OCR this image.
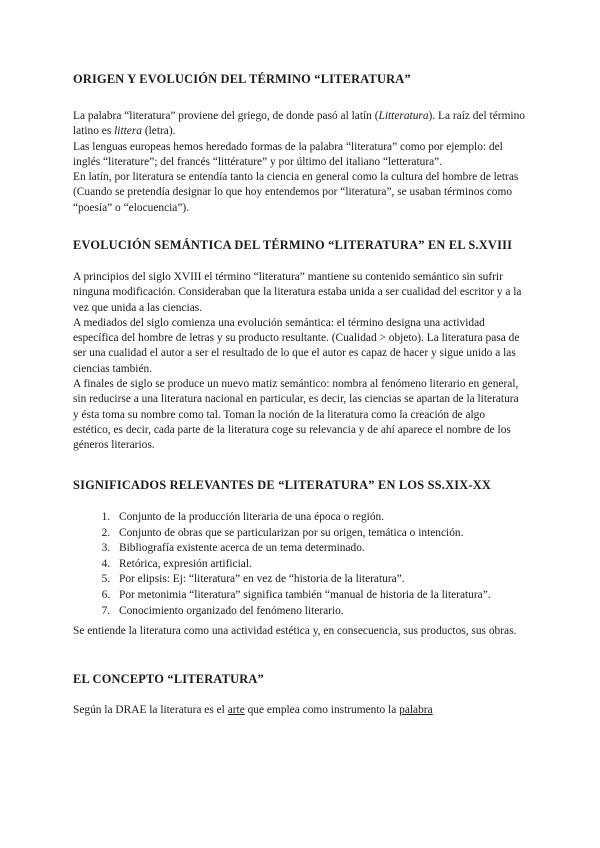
ORIGEN Y EVOLUCIÓN DEL TÉRMINO “LITERATURA”

La palabra “literatura” proviene del griego, de donde pasó al latín (Litteratura). La raíz del término latino es littera (letra).

Las lenguas europeas hemos heredado formas de la palabra “literatura” como por ejemplo: del inglés “literature”; del francés “littérature” y por último del italiano “letteratura”.

En latín, por literatura se entendía tanto la ciencia en general como la cultura del hombre de letras (Cuando se pretendía designar lo que hoy entendemos por “literatura”, se usaban términos como “poesía” o “elocuencia”).

EVOLUCIÓN SEMÁNTICA DEL TÉRMINO “LITERATURA” EN EL S.XVIII

A principios del siglo XVIII el término “literatura” mantiene su contenido semántico sin sufrir ninguna modificación. Consideraban que la literatura estaba unida a ser cualidad del escritor y a la vez que unida a las ciencias.

A mediados del siglo comienza una evolución semántica: el término designa una actividad específica del hombre de letras y su producto resultante. (Cualidad > objeto). La literatura pasa de ser una cualidad el autor a ser el resultado de lo que el autor es capaz de hacer y sigue unido a las ciencias también.

A finales de siglo se produce un nuevo matiz semántico: nombra al fenómeno literario en general, sin reducirse a una literatura nacional en particular, es decir, las ciencias se apartan de la literatura y ésta toma su nombre como tal. Toman la noción de la literatura como la creación de algo estético, es decir, cada parte de la literatura coge su relevancia y de ahí aparece el nombre de los géneros literarios.

SIGNIFICADOS RELEVANTES DE “LITERATURA” EN LOS SS.XIX-XX
1. Conjunto de la producción literaria de una época o región.
2. Conjunto de obras que se particularizan por su origen, temática o intención.
3. Bibliografía existente acerca de un tema determinado.
4. Retórica, expresión artificial.
5. Por elipsis: Ej: “literatura” en vez de “historia de la literatura”.
6. Por metonimia “literatura” significa también “manual de historia de la literatura”.
7. Conocimiento organizado del fenómeno literario.

Se entiende la literatura como una actividad estética y, en consecuencia, sus productos, sus obras.

EL CONCEPTO “LITERATURA”

Según la DRAE la literatura es el arte que emplea como instrumento la palabra
